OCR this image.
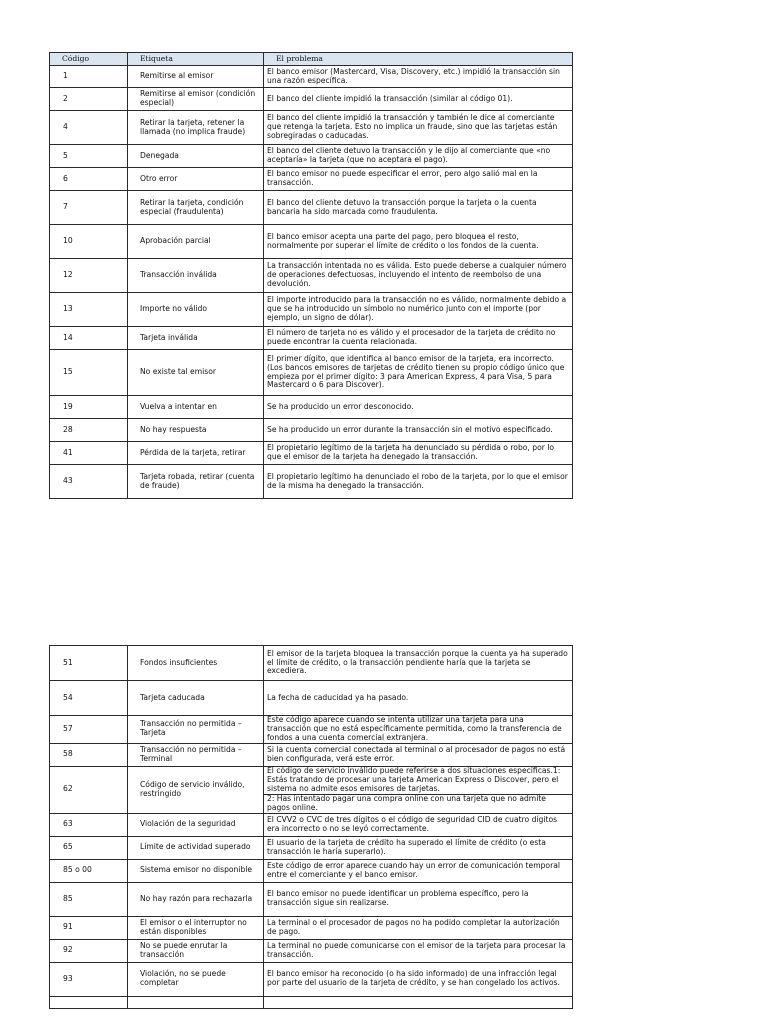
Código	Etiqueta	El problema
1	Remitirse al emisor	El banco emisor (Mastercard, Visa, Discovery, etc.) impidió la transacción sin una razón específica.
2	Remitirse al emisor (condición especial)	El banco del cliente impidió la transacción (similar al código 01).
4	Retirar la tarjeta, retener la llamada (no implica fraude)	El banco del cliente impidió la transacción y también le dice al comerciante que retenga la tarjeta. Esto no implica un fraude, sino que las tarjetas están sobregiradas o caducadas.
5	Denegada	El banco del cliente detuvo la transacción y le dijo al comerciante que «no aceptaría» la tarjeta (que no aceptara el pago).
6	Otro error	El banco emisor no puede especificar el error, pero algo salió mal en la transacción.
7	Retirar la tarjeta, condición especial (fraudulenta)	El banco del cliente detuvo la transacción porque la tarjeta o la cuenta bancaria ha sido marcada como fraudulenta.
10	Aprobación parcial	El banco emisor acepta una parte del pago, pero bloquea el resto, normalmente por superar el límite de crédito o los fondos de la cuenta.
12	Transacción inválida	La transacción intentada no es válida. Esto puede deberse a cualquier número de operaciones defectuosas, incluyendo el intento de reembolso de una devolución.
13	Importe no válido	El importe introducido para la transacción no es válido, normalmente debido a que se ha introducido un símbolo no numérico junto con el importe (por ejemplo, un signo de dólar).
14	Tarjeta inválida	El número de tarjeta no es válido y el procesador de la tarjeta de crédito no puede encontrar la cuenta relacionada.
15	No existe tal emisor	El primer dígito, que identifica al banco emisor de la tarjeta, era incorrecto. (Los bancos emisores de tarjetas de crédito tienen su propio código único que empieza por el primer dígito: 3 para American Express, 4 para Visa, 5 para Mastercard o 6 para Discover).
19	Vuelva a intentar en	Se ha producido un error desconocido.
28	No hay respuesta	Se ha producido un error durante la transacción sin el motivo especificado.
41	Pérdida de la tarjeta, retirar	El propietario legítimo de la tarjeta ha denunciado su pérdida o robo, por lo que el emisor de la tarjeta ha denegado la transacción.
43	Tarjeta robada, retirar (cuenta de fraude)	El propietario legítimo ha denunciado el robo de la tarjeta, por lo que el emisor de la misma ha denegado la transacción.
51	Fondos insuficientes	El emisor de la tarjeta bloquea la transacción porque la cuenta ya ha superado el límite de crédito, o la transacción pendiente haría que la tarjeta se excediera.
54	Tarjeta caducada	La fecha de caducidad ya ha pasado.
57	Transacción no permitida – Tarjeta	Este código aparece cuando se intenta utilizar una tarjeta para una transacción que no está específicamente permitida, como la transferencia de fondos a una cuenta comercial extranjera.
58	Transacción no permitida – Terminal	Si la cuenta comercial conectada al terminal o al procesador de pagos no está bien configurada, verá este error.
62	Código de servicio inválido, restringido	El código de servicio inválido puede referirse a dos situaciones específicas.1: Estás tratando de procesar una tarjeta American Express o Discover, pero el sistema no admite esos emisores de tarjetas.
2: Has intentado pagar una compra online con una tarjeta que no admite pagos online.

63	Violación de la seguridad	El CVV2 o CVC de tres dígitos o el código de seguridad CID de cuatro dígitos era incorrecto o no se leyó correctamente.
65	Límite de actividad superado	El usuario de la tarjeta de crédito ha superado el límite de crédito (o esta transacción le haría superarlo).
85 o 00	Sistema emisor no disponible	Este código de error aparece cuando hay un error de comunicación temporal entre el comerciante y el banco emisor.
85	No hay razón para rechazarla	El banco emisor no puede identificar un problema específico, pero la transacción sigue sin realizarse.
91	El emisor o el interruptor no están disponibles	La terminal o el procesador de pagos no ha podido completar la autorización de pago.
92	No se puede enrutar la transacción	La terminal no puede comunicarse con el emisor de la tarjeta para procesar la transacción.
93	Violación, no se puede completar	El banco emisor ha reconocido (o ha sido informado) de una infracción legal por parte del usuario de la tarjeta de crédito, y se han congelado los activos.
